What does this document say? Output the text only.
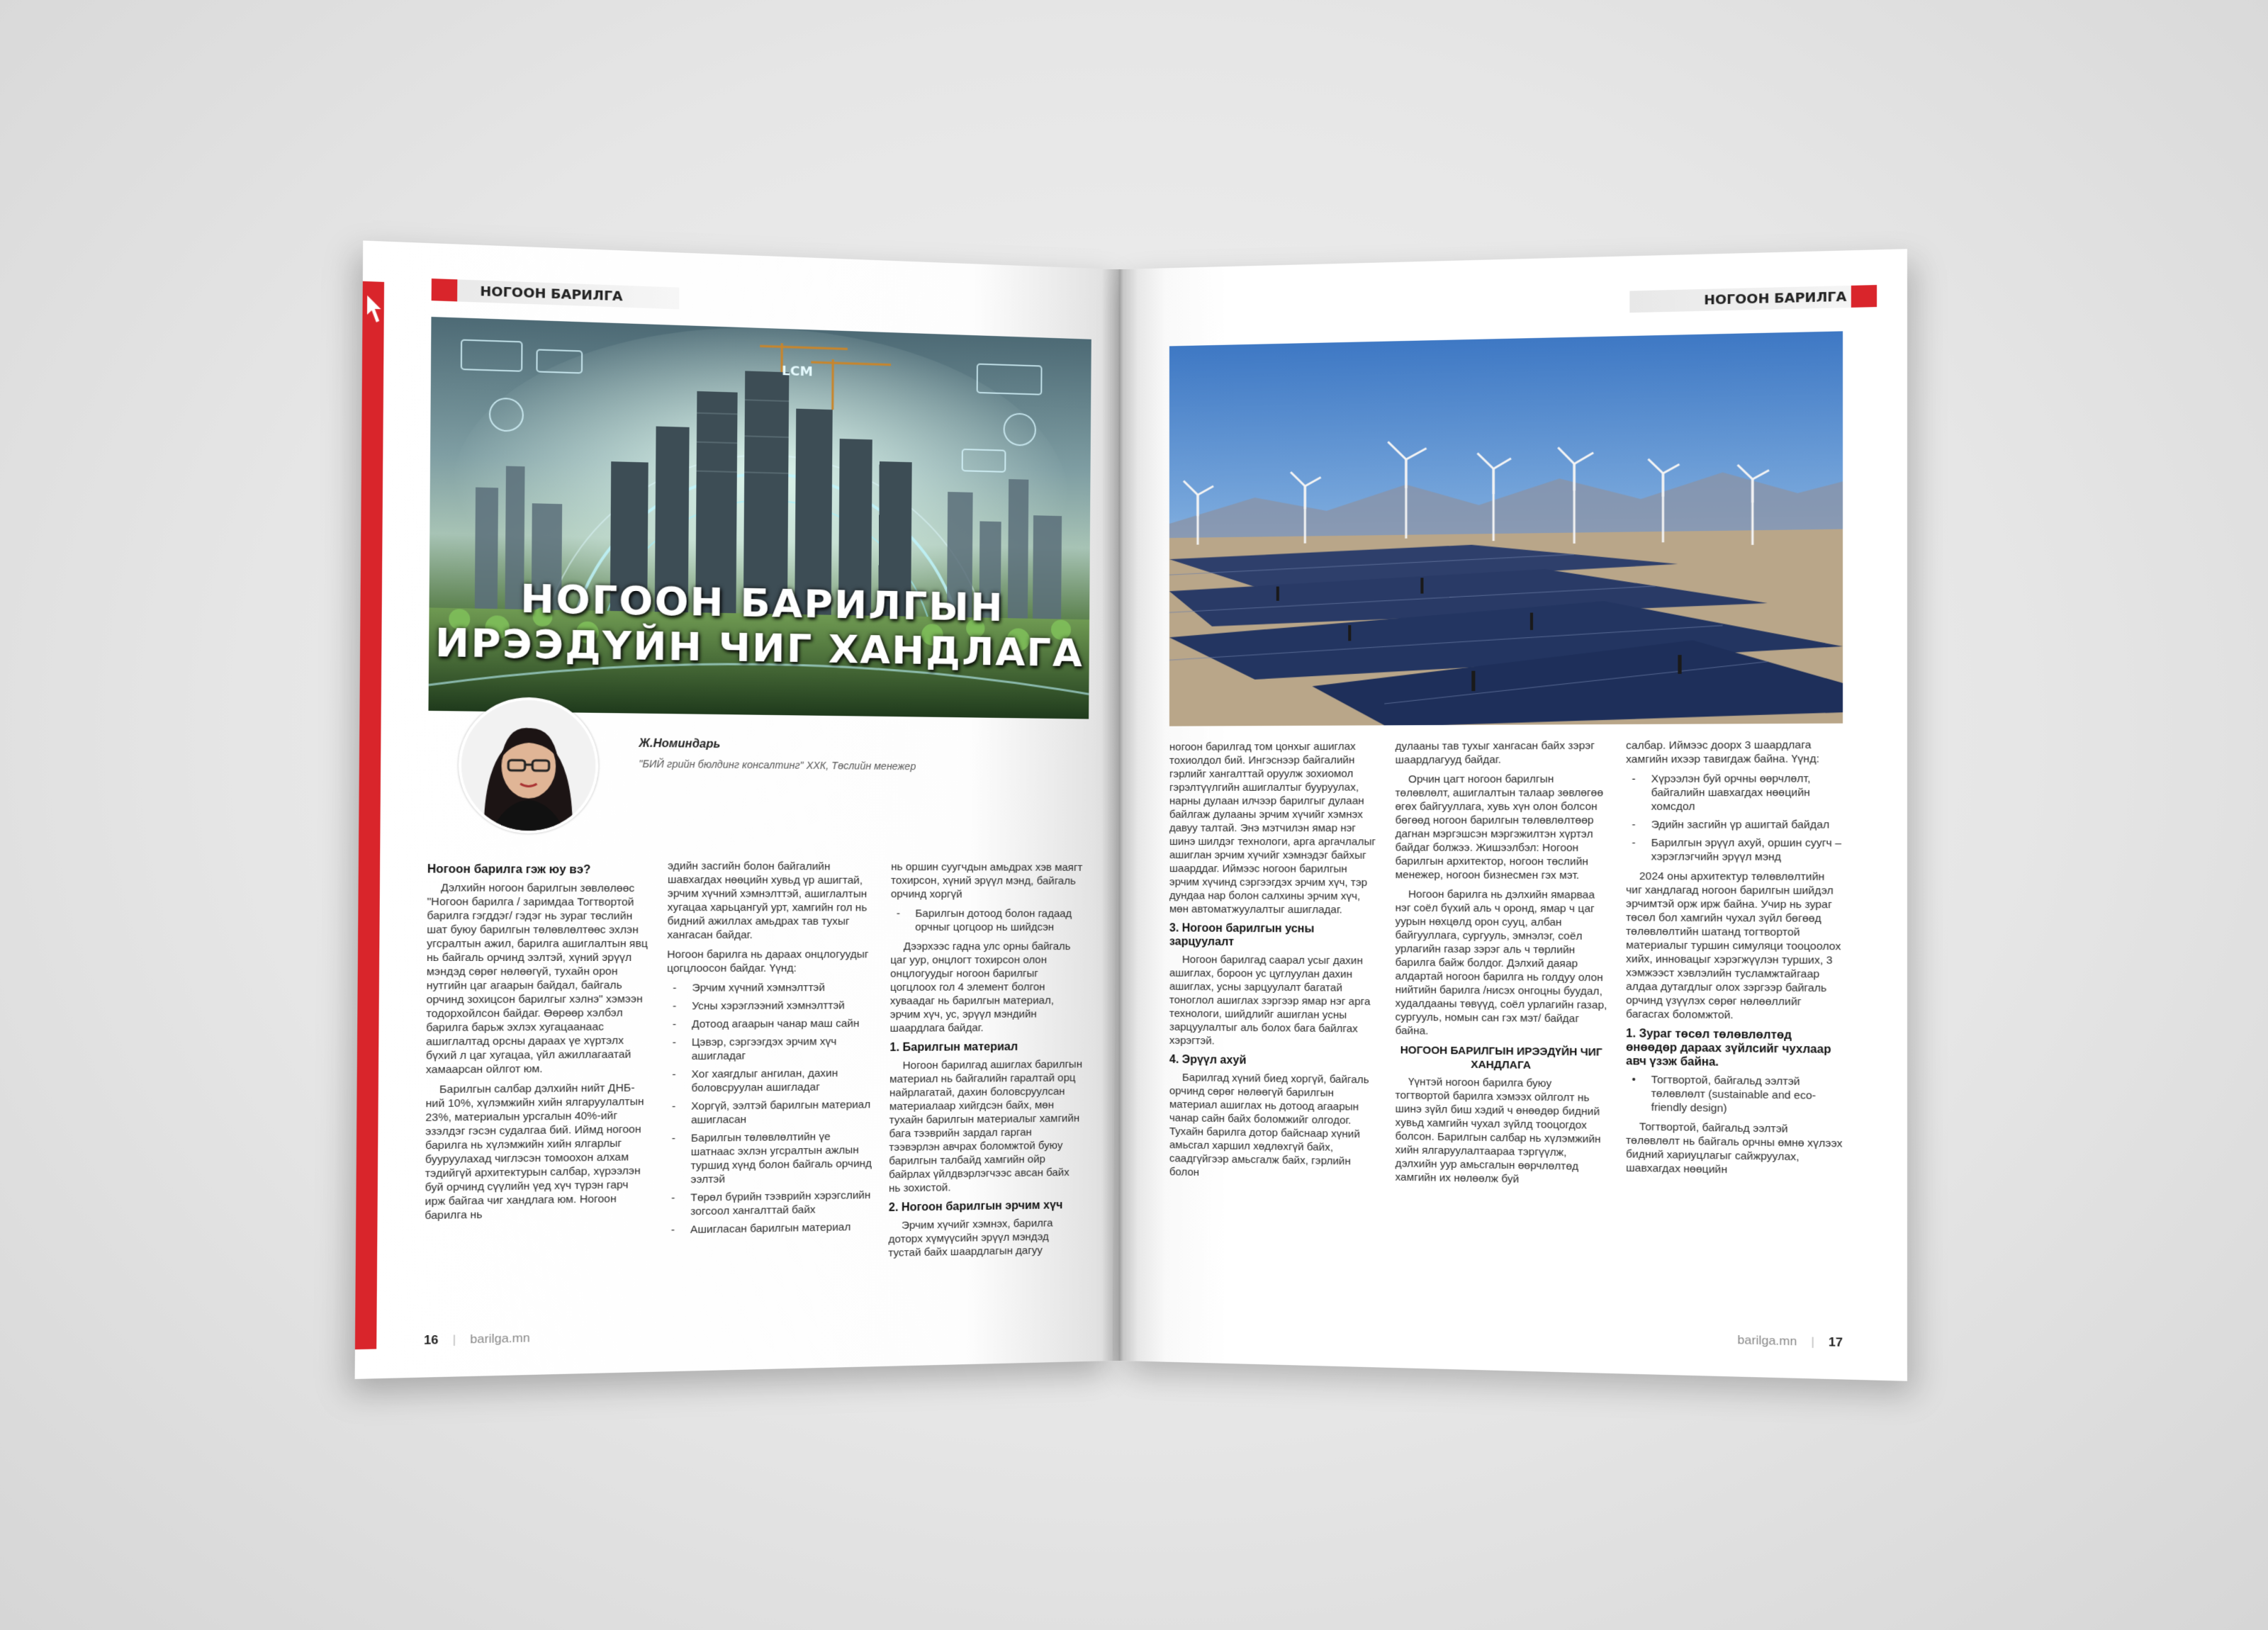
НОГООН БАРИЛГА
LCM
НОГООН БАРИЛГЫН
ИРЭЭДҮЙН ЧИГ ХАНДЛАГА
Ж.Номиндарь
"БИЙ грийн бюлдинг консалтинг" ХХК, Төслийн менежер
Ногоон барилга гэж юу вэ?

Дэлхийн ногоон барилгын зөвлөлөөс "Ногоон барилга / заримдаа Тогтвортой барилга гэгддэг/ гэдэг нь зураг төслийн шат буюу барилгын төлөвлөлтөөс эхлэн угсралтын ажил, барилга ашиглалтын явц нь байгаль орчинд ээлтэй, хүний эрүүл мэндэд сөрөг нөлөөгүй, тухайн орон нутгийн цаг агаарын байдал, байгаль орчинд зохицсон барилгыг хэлнэ" хэмээн тодорхойлсон байдаг. Өөрөөр хэлбэл барилга барьж эхлэх хугацаанаас ашиглалтад орсны дараах үе хүртэлх бүхий л цаг хугацаа, үйл ажиллагаатай хамаарсан ойлгот юм.

Барилгын салбар дэлхийн нийт ДНБ-ний 10%, хүлэмжийн хийн ялгаруулалтын 23%, материалын урсгалын 40%-ийг эзэлдэг гэсэн судалгаа бий. Иймд ногоон барилга нь хүлэмжийн хийн ялгарлыг бууруулахад чиглэсэн томоохон алхам тэдийгүй архитектурын салбар, хүрээлэн буй орчинд сүүлийн үед хүч түрэн гарч ирж байгаа чиг хандлага юм. Ногоон барилга нь

эдийн засгийн болон байгалийн шавхагдах нөөцийн хувьд үр ашигтай, эрчим хүчний хэмнэлттэй, ашиглалтын хугацаа харьцангуй урт, хамгийн гол нь бидний ажиллах амьдрах тав тухыг хангасан байдаг.

Ногоон барилга нь дараах онцлогуудыг цогцлоосон байдаг. Үүнд:

- Эрчим хүчний хэмнэлттэй
- Усны хэрэглээний хэмнэлттэй
- Дотоод агаарын чанар маш сайн
- Цэвэр, сэргээгдэх эрчим хүч ашигладаг
- Хог хаягдлыг ангилан, дахин боловсруулан ашигладаг
- Хоргүй, ээлтэй барилгын материал ашигласан
- Барилгын төлөвлөлтийн үе шатнаас эхлэн угсралтын ажлын туршид хүнд болон байгаль орчинд ээлтэй
- Төрөл бүрийн тээврийн хэрэгслийн зогсоол хангалттай байх
- Ашигласан барилгын материал

нь оршин суугчдын амьдрах хэв маягт тохирсон, хүний эрүүл мэнд, байгаль орчинд хоргүй

- Барилгын дотоод болон гадаад орчныг цогцоор нь шийдсэн

Дээрхээс гадна улс орны байгаль цаг уур, онцлогт тохирсон олон онцлогуудыг ногоон барилгыг цогцлоох гол 4 элемент болгон хуваадаг нь барилгын материал, эрчим хүч, ус, эрүүл мэндийн шаардлага байдаг.

1. Барилгын материал

Ногоон барилгад ашиглах барилгын материал нь байгалийн гаралтай орц найрлагатай, дахин боловсруулсан материалаар хийгдсэн байх, мөн тухайн барилгын материалыг хамгийн бага тээврийн зардал гарган тээвэрлэн авчрах боломжтой буюу барилгын талбайд хамгийн ойр байрлах үйлдвэрлэгчээс авсан байх нь зохистой.

2. Ногоон барилгын эрчим хүч

Эрчим хүчийг хэмнэх, барилга доторх хүмүүсийн эрүүл мэндэд тустай байх шаардлагын дагуу

16 | barilga.mn
НОГООН БАРИЛГА

ногоон барилгад том цонхыг ашиглах тохиолдол бий. Ингэснээр байгалийн гэрлийг хангалттай оруулж зохиомол гэрэлтүүлгийн ашиглалтыг бууруулах, нарны дулаан илчээр барилгыг дулаан байлгаж дулааны эрчим хүчийг хэмнэх давуу талтай. Энэ мэтчилэн ямар нэг шинэ шилдэг технологи, арга аргачлалыг ашиглан эрчим хүчийг хэмнэдэг байхыг шаарддаг. Иймээс ногоон барилгын эрчим хүчинд сэргээгдэх эрчим хүч, тэр дундаа нар болон салхины эрчим хүч, мөн автоматжуулалтыг ашигладаг.

3. Ногоон барилгын усны зарцуулалт

Ногоон барилгад саарал усыг дахин ашиглах, бороон ус цуглуулан дахин ашиглах, усны зарцуулалт багатай тоноглол ашиглах зэргээр ямар нэг арга технологи, шийдлийг ашиглан усны зарцуулалтыг аль болох бага байлгах хэрэгтэй.

4. Эрүүл ахуй

Барилгад хүний биед хоргүй, байгаль орчинд сөрөг нөлөөгүй барилгын материал ашиглах нь дотоод агаарын чанар сайн байх боломжийг олгодог. Тухайн барилга дотор байснаар хүний амьсгал харшил хөдлөхгүй байх, саадгүйгээр амьсгалж байх, гэрлийн болон

дулааны тав тухыг хангасан байх зэрэг шаардлагууд байдаг.

Орчин цагт ногоон барилгын төлөвлөлт, ашиглалтын талаар зөвлөгөө өгөх байгууллага, хувь хүн олон болсон бөгөөд ногоон барилгын төлөвлөлтөөр дагнан мэргэшсэн мэргэжилтэн хүртэл байдаг болжээ. Жишээлбэл: Ногоон барилгын архитектор, ногоон төслийн менежер, ногоон бизнесмен гэх мэт.

Ногоон барилга нь дэлхийн ямарваа нэг соёл бүхий аль ч оронд, ямар ч цаг уурын нөхцөлд орон сууц, албан байгууллага, сургууль, эмнэлэг, соёл урлагийн газар зэрэг аль ч төрлийн барилга байж болдог. Дэлхий даяар алдартай ногоон барилга нь голдуу олон нийтийн барилга /нисэх онгоцны буудал, худалдааны төвүүд, соёл урлагийн газар, сургууль, номын сан гэх мэт/ байдаг байна.

НОГООН БАРИЛГЫН ИРЭЭДҮЙН ЧИГ ХАНДЛАГА

Үүнтэй ногоон барилга буюу тогтвортой барилга хэмээх ойлголт нь шинэ зүйл биш хэдий ч өнөөдөр бидний хувьд хамгийн чухал зүйлд тооцогдох болсон. Барилгын салбар нь хүлэмжийн хийн ялгаруулалтаараа тэргүүлж, дэлхийн уур амьсгалын өөрчлөлтөд хамгийн их нөлөөлж буй

салбар. Иймээс доорх 3 шаардлага хамгийн ихээр тавигдаж байна. Үүнд:

- Хүрээлэн буй орчны өөрчлөлт, байгалийн шавхагдах нөөцийн хомсдол
- Эдийн засгийн үр ашигтай байдал
- Барилгын эрүүл ахуй, оршин суугч – хэрэглэгчийн эрүүл мэнд

2024 оны архитектур төлөвлөлтийн чиг хандлагад ногоон барилгын шийдэл эрчимтэй орж ирж байна. Учир нь зураг төсөл бол хамгийн чухал зүйл бөгөөд төлөвлөлтийн шатанд тогтвортой материалыг туршин симуляци тооцоолох хийх, инновацыг хэрэгжүүлэн турших, 3 хэмжээст хэвлэлийн тусламжтайгаар алдаа дутагдлыг олох зэргээр байгаль орчинд үзүүлэх сөрөг нөлөөллийг багасгах боломжтой.

1. Зураг төсөл төлөвлөлтөд өнөөдөр дараах зүйлсийг чухлаар авч үзэж байна.
• Тогтвортой, байгальд ээлтэй төлөвлөлт (sustainable and eco-friendly design)

Тогтвортой, байгальд ээлтэй төлөвлөлт нь байгаль орчны өмнө хүлээх бидний хариуцлагыг сайжруулах, шавхагдах нөөцийн

barilga.mn | 17
